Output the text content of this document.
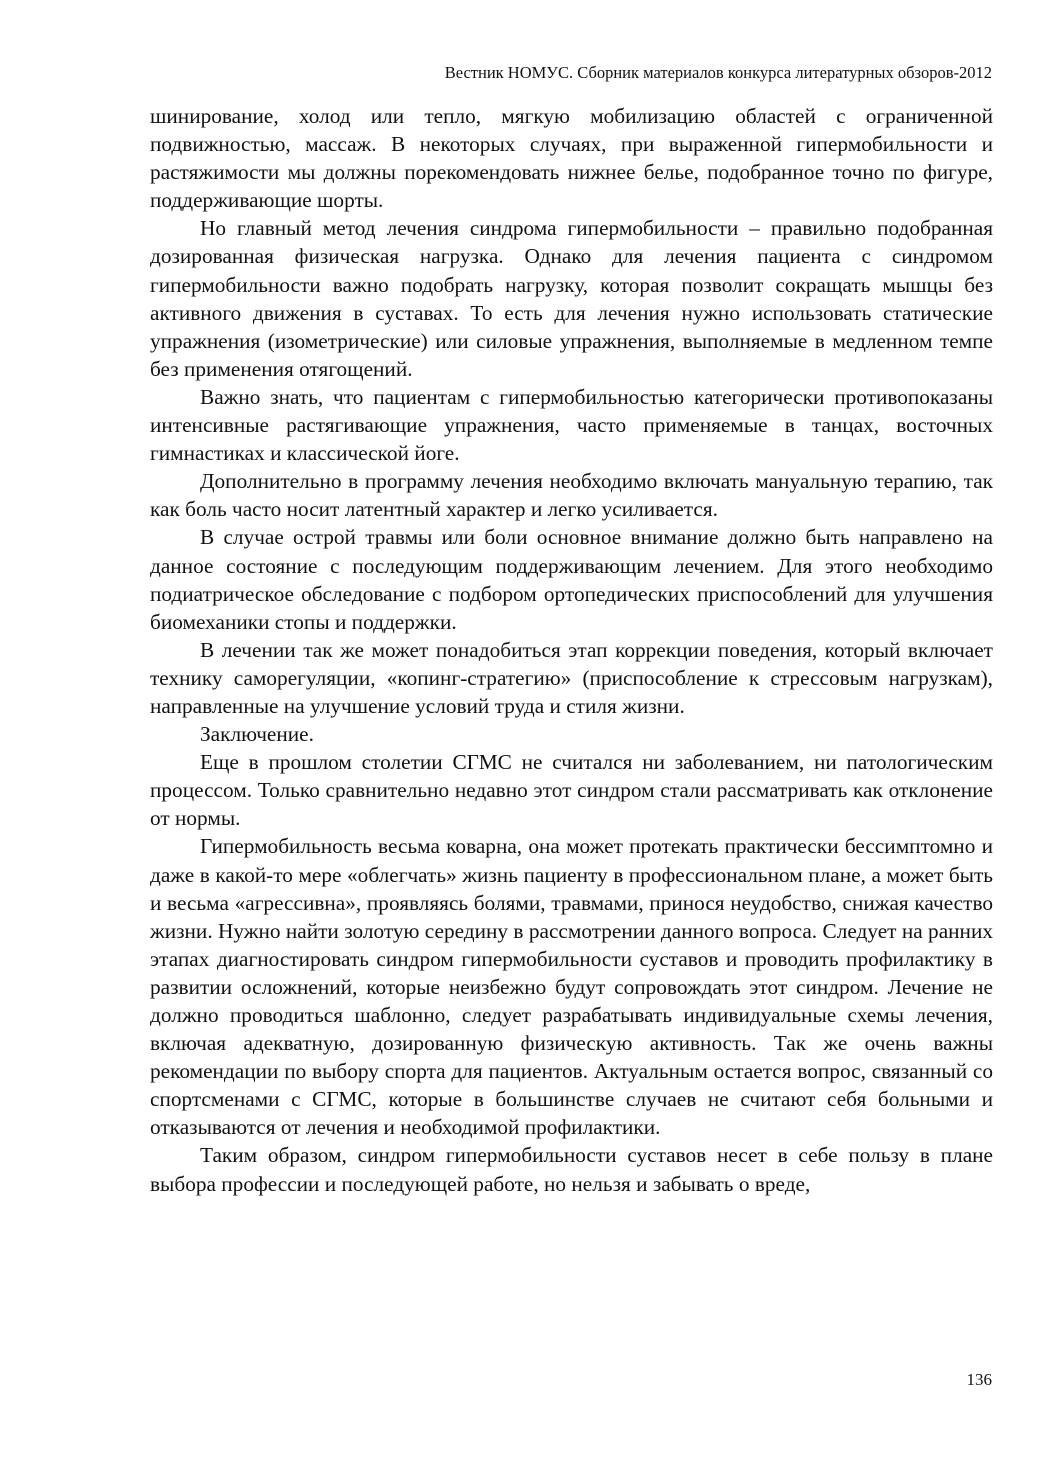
Вестник НОМУС. Сборник материалов конкурса литературных обзоров-2012

шинирование, холод или тепло, мягкую мобилизацию областей с ограниченной подвижностью, массаж. В некоторых случаях, при выраженной гипермобильности и растяжимости мы должны порекомендовать нижнее белье, подобранное точно по фигуре, поддерживающие шорты.

Но главный метод лечения синдрома гипермобильности – правильно подобранная дозированная физическая нагрузка. Однако для лечения пациента с синдромом гипермобильности важно подобрать нагрузку, которая позволит сокращать мышцы без активного движения в суставах. То есть для лечения нужно использовать статические упражнения (изометрические) или силовые упражнения, выполняемые в медленном темпе без применения отягощений.

Важно знать, что пациентам с гипермобильностью категорически противопоказаны интенсивные растягивающие упражнения, часто применяемые в танцах, восточных гимнастиках и классической йоге.

Дополнительно в программу лечения необходимо включать мануальную терапию, так как боль часто носит латентный характер и легко усиливается.

В случае острой травмы или боли основное внимание должно быть направлено на данное состояние с последующим поддерживающим лечением. Для этого необходимо подиатрическое обследование с подбором ортопедических приспособлений для улучшения биомеханики стопы и поддержки.

В лечении так же может понадобиться этап коррекции поведения, который включает технику саморегуляции, «копинг-стратегию» (приспособление к стрессовым нагрузкам), направленные на улучшение условий труда и стиля жизни.

Заключение.

Еще в прошлом столетии СГМС не считался ни заболеванием, ни патологическим процессом. Только сравнительно недавно этот синдром стали рассматривать как отклонение от нормы.

Гипермобильность весьма коварна, она может протекать практически бессимптомно и даже в какой-то мере «облегчать» жизнь пациенту в профессиональном плане, а может быть и весьма «агрессивна», проявляясь болями, травмами, принося неудобство, снижая качество жизни. Нужно найти золотую середину в рассмотрении данного вопроса. Следует на ранних этапах диагностировать синдром гипермобильности суставов и проводить профилактику в развитии осложнений, которые неизбежно будут сопровождать этот синдром. Лечение не должно проводиться шаблонно, следует разрабатывать индивидуальные схемы лечения, включая адекватную, дозированную физическую активность. Так же очень важны рекомендации по выбору спорта для пациентов. Актуальным остается вопрос, связанный со спортсменами с СГМС, которые в большинстве случаев не считают себя больными и отказываются от лечения и необходимой профилактики.

Таким образом, синдром гипермобильности суставов несет в себе пользу в плане выбора профессии и последующей работе, но нельзя и забывать о вреде,

136
